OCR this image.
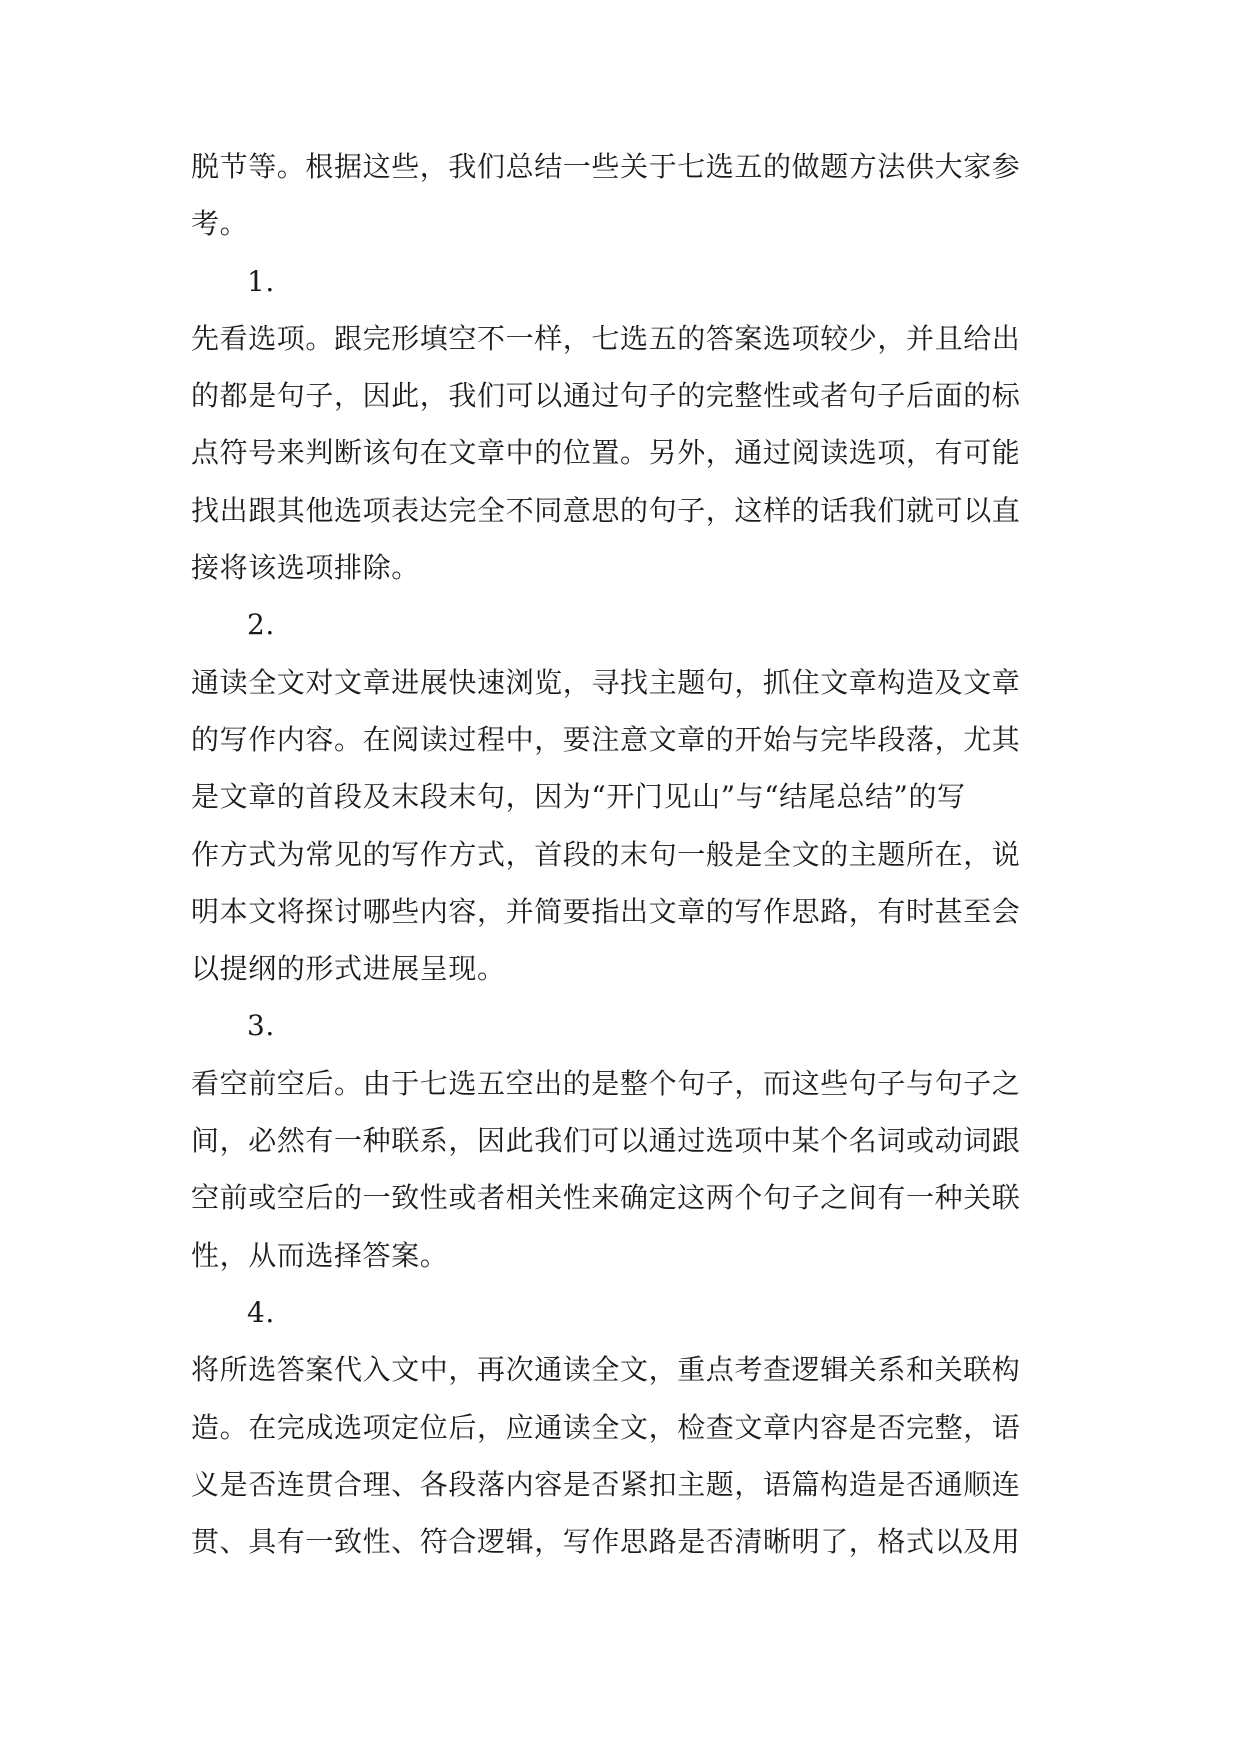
脱节等。根据这些，我们总结一些关于七选五的做题方法供大家参
考。
1.
先看选项。跟完形填空不一样，七选五的答案选项较少，并且给出
的都是句子，因此，我们可以通过句子的完整性或者句子后面的标
点符号来判断该句在文章中的位置。另外，通过阅读选项，有可能
找出跟其他选项表达完全不同意思的句子，这样的话我们就可以直
接将该选项排除。
2.
通读全文对文章进展快速浏览，寻找主题句，抓住文章构造及文章
的写作内容。在阅读过程中，要注意文章的开始与完毕段落，尤其
是文章的首段及末段末句，因为“开门见山”与“结尾总结”的写
作方式为常见的写作方式，首段的末句一般是全文的主题所在，说
明本文将探讨哪些内容，并简要指出文章的写作思路，有时甚至会
以提纲的形式进展呈现。
3.
看空前空后。由于七选五空出的是整个句子，而这些句子与句子之
间，必然有一种联系，因此我们可以通过选项中某个名词或动词跟
空前或空后的一致性或者相关性来确定这两个句子之间有一种关联
性，从而选择答案。
4.
将所选答案代入文中，再次通读全文，重点考查逻辑关系和关联构
造。在完成选项定位后，应通读全文，检查文章内容是否完整，语
义是否连贯合理、各段落内容是否紧扣主题，语篇构造是否通顺连
贯、具有一致性、符合逻辑，写作思路是否清晰明了，格式以及用
